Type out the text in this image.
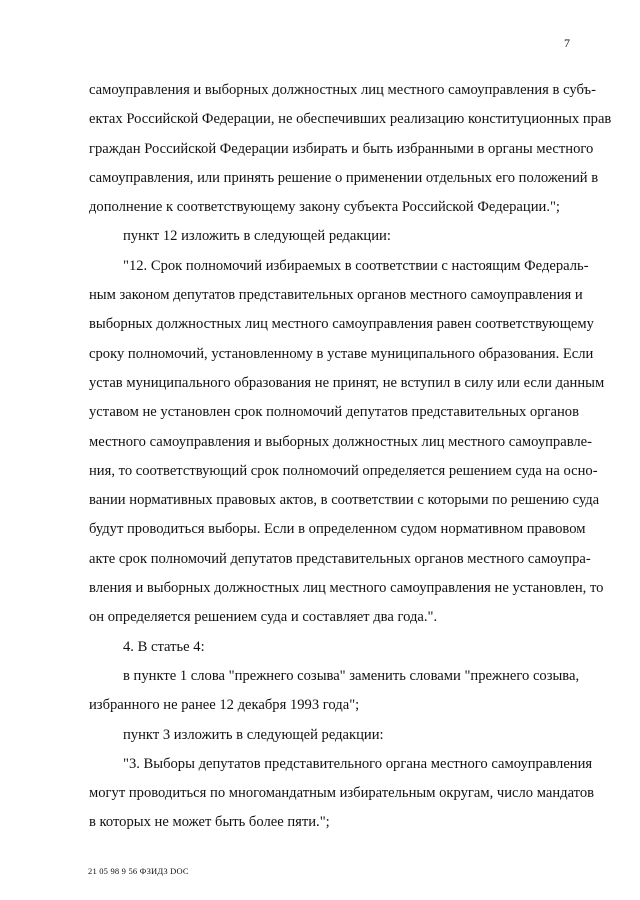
7
самоуправления и выборных должностных лиц местного самоуправления в субъ-
ектах Российской Федерации, не обеспечивших реализацию конституционных прав
граждан Российской Федерации избирать и быть избранными в органы местного
самоуправления, или принять решение о применении отдельных его положений в
дополнение к соответствующему закону субъекта Российской Федерации.";
пункт 12 изложить в следующей редакции:
"12. Срок полномочий избираемых в соответствии с настоящим Федераль-
ным законом депутатов представительных органов местного самоуправления и
выборных должностных лиц местного самоуправления равен соответствующему
сроку полномочий, установленному в уставе муниципального образования. Если
устав муниципального образования не принят, не вступил в силу или если данным
уставом не установлен срок полномочий депутатов представительных органов
местного самоуправления и выборных должностных лиц местного самоуправле-
ния, то соответствующий срок полномочий определяется решением суда на осно-
вании нормативных правовых актов, в соответствии с которыми по решению суда
будут проводиться выборы. Если в определенном судом нормативном правовом
акте срок полномочий депутатов представительных органов местного самоупра-
вления и выборных должностных лиц местного самоуправления не установлен, то
он определяется решением суда и составляет два года.".
4. В статье 4:
в пункте 1 слова "прежнего созыва" заменить словами "прежнего созыва,
избранного не ранее 12 декабря 1993 года";
пункт 3 изложить в следующей редакции:
"3. Выборы депутатов представительного органа местного самоуправления
могут проводиться по многомандатным избирательным округам, число мандатов
в которых не может быть более пяти.";
21 05 98 9 56 ФЗИД3 DOC
